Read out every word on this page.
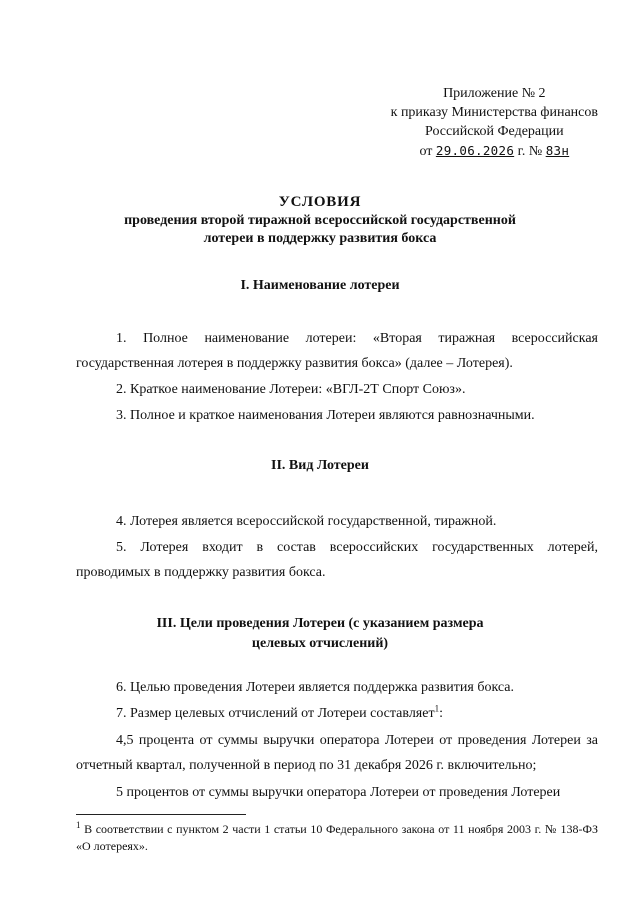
Приложение № 2
к приказу Министерства финансов
Российской Федерации
от 29.06.2026 г. № 83н
УСЛОВИЯ
проведения второй тиражной всероссийской государственной
лотереи в поддержку развития бокса
I. Наименование лотереи
1. Полное наименование лотереи: «Вторая тиражная всероссийская государственная лотерея в поддержку развития бокса» (далее – Лотерея).
2. Краткое наименование Лотереи: «ВГЛ-2Т Спорт Союз».
3. Полное и краткое наименования Лотереи являются равнозначными.
II. Вид Лотереи
4. Лотерея является всероссийской государственной, тиражной.
5. Лотерея входит в состав всероссийских государственных лотерей, проводимых в поддержку развития бокса.
III. Цели проведения Лотереи (с указанием размера
целевых отчислений)
6. Целью проведения Лотереи является поддержка развития бокса.
7. Размер целевых отчислений от Лотереи составляет$^1$:
4,5 процента от суммы выручки оператора Лотереи от проведения Лотереи за отчетный квартал, полученной в период по 31 декабря 2026 г. включительно;
5 процентов от суммы выручки оператора Лотереи от проведения Лотереи
$^1$ В соответствии с пунктом 2 части 1 статьи 10 Федерального закона от 11 ноября 2003 г. № 138-ФЗ «О лотереях».
